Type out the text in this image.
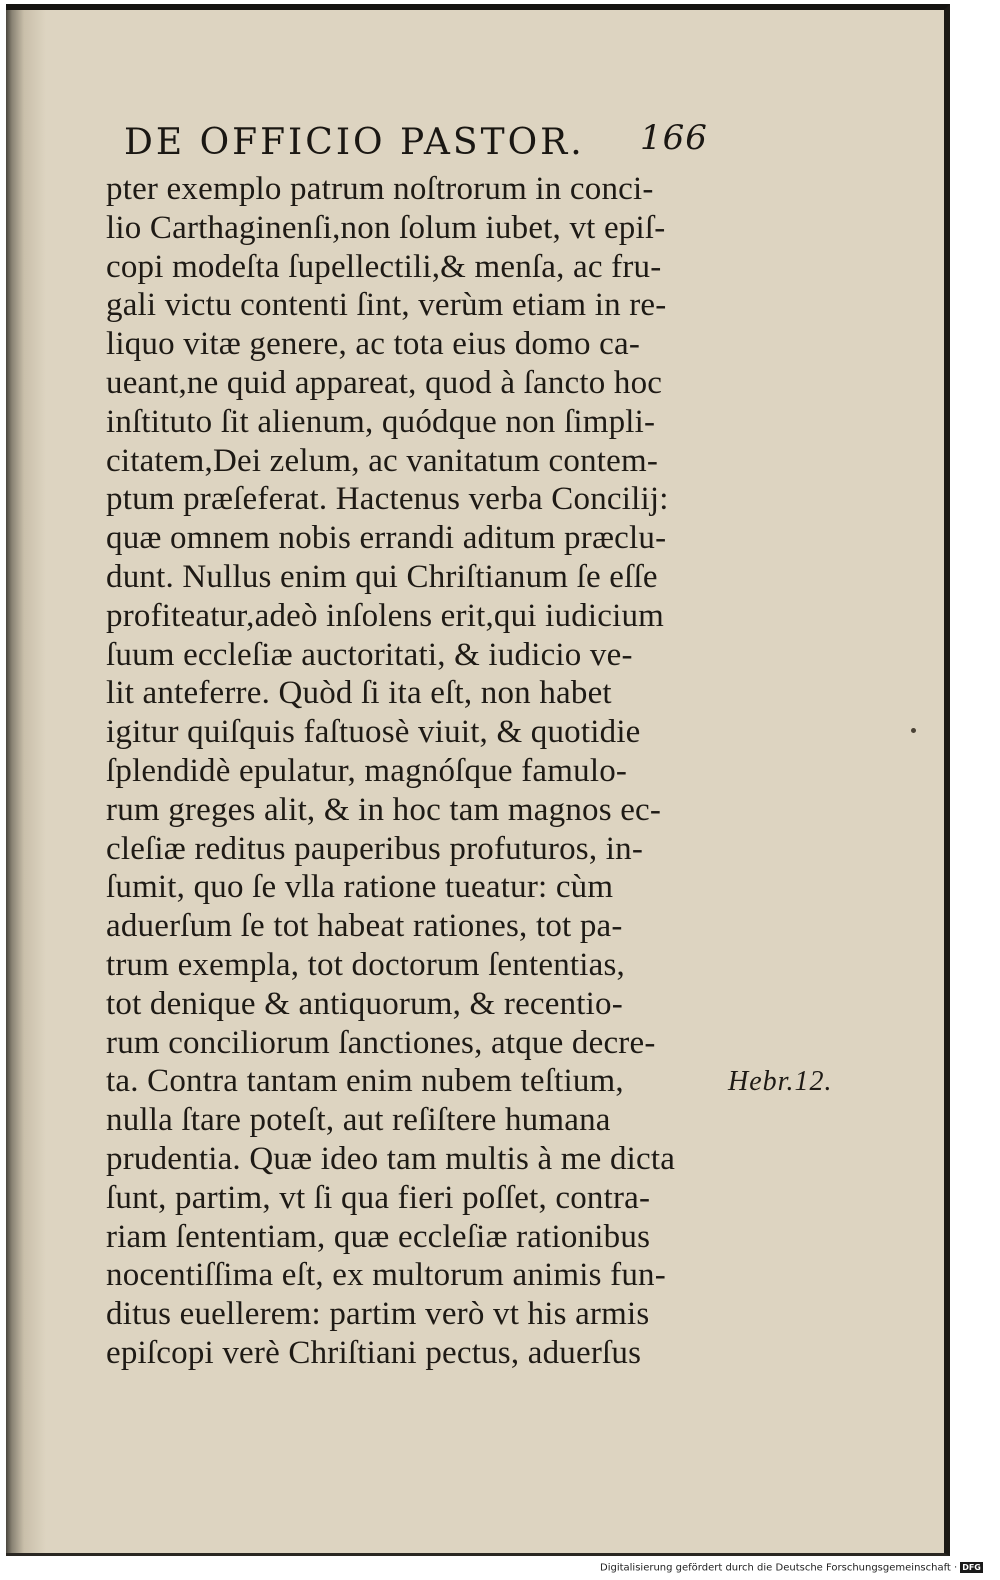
DE OFFICIO PASTOR. 166
pter exemplo patrum noſtrorum in conci-
lio Carthaginenſi,non ſolum iubet, vt epiſ-
copi modeſta ſupellectili,& menſa, ac fru-
gali victu contenti ſint, verùm etiam in re-
liquo vitæ genere, ac tota eius domo ca-
ueant,ne quid appareat, quod à ſancto hoc
inſtituto ſit alienum, quódque non ſimpli-
citatem,Dei zelum, ac vanitatum contem-
ptum præſeferat. Hactenus verba Concilij:
quæ omnem nobis errandi aditum præclu-
dunt. Nullus enim qui Chriſtianum ſe eſſe
profiteatur,adeò inſolens erit,qui iudicium
ſuum eccleſiæ auctoritati, & iudicio ve-
lit anteferre. Quòd ſi ita eſt, non habet
igitur quiſquis faſtuosè viuit, & quotidie
ſplendidè epulatur, magnóſque famulo-
rum greges alit, & in hoc tam magnos ec-
cleſiæ reditus pauperibus profuturos, in-
ſumit, quo ſe vlla ratione tueatur: cùm
aduerſum ſe tot habeat rationes, tot pa-
trum exempla, tot doctorum ſententias,
tot denique & antiquorum, & recentio-
rum conciliorum ſanctiones, atque decre-
ta. Contra tantam enim nubem teſtium,
nulla ſtare poteſt, aut reſiſtere humana
prudentia. Quæ ideo tam multis à me dicta
ſunt, partim, vt ſi qua fieri poſſet, contra-
riam ſententiam, quæ eccleſiæ rationibus
nocentiſſima eſt, ex multorum animis fun-
ditus euellerem: partim verò vt his armis
epiſcopi verè Chriſtiani pectus, aduerſus
Hebr.12.
Digitalisierung gefördert durch die Deutsche Forschungsgemeinschaft · DFG
